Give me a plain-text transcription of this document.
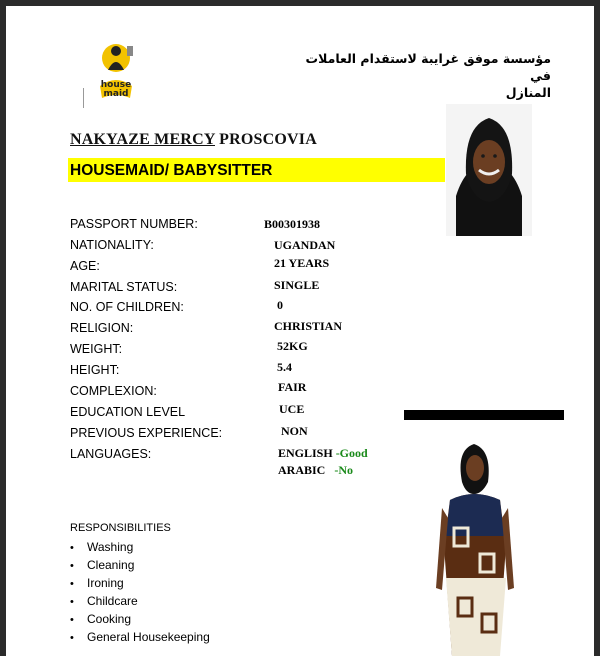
house
maid
مؤسسة موفق غرايبة لاستقدام العاملات في
المنازل
NAKYAZE MERCY PROSCOVIA
HOUSEMAID/ BABYSITTER
PASSPORT NUMBER:	B00301938
NATIONALITY:	UGANDAN
AGE:	21 YEARS
MARITAL STATUS:	SINGLE
NO. OF CHILDREN:	0
RELIGION:	CHRISTIAN
WEIGHT:	52KG
HEIGHT:	5.4
COMPLEXION:	FAIR
EDUCATION LEVEL	UCE
PREVIOUS EXPERIENCE:	NON
LANGUAGES:	ENGLISH -Good
ARABIC -No
RESPONSIBILITIES
• Washing
• Cleaning
• Ironing
• Childcare
• Cooking
• General Housekeeping
